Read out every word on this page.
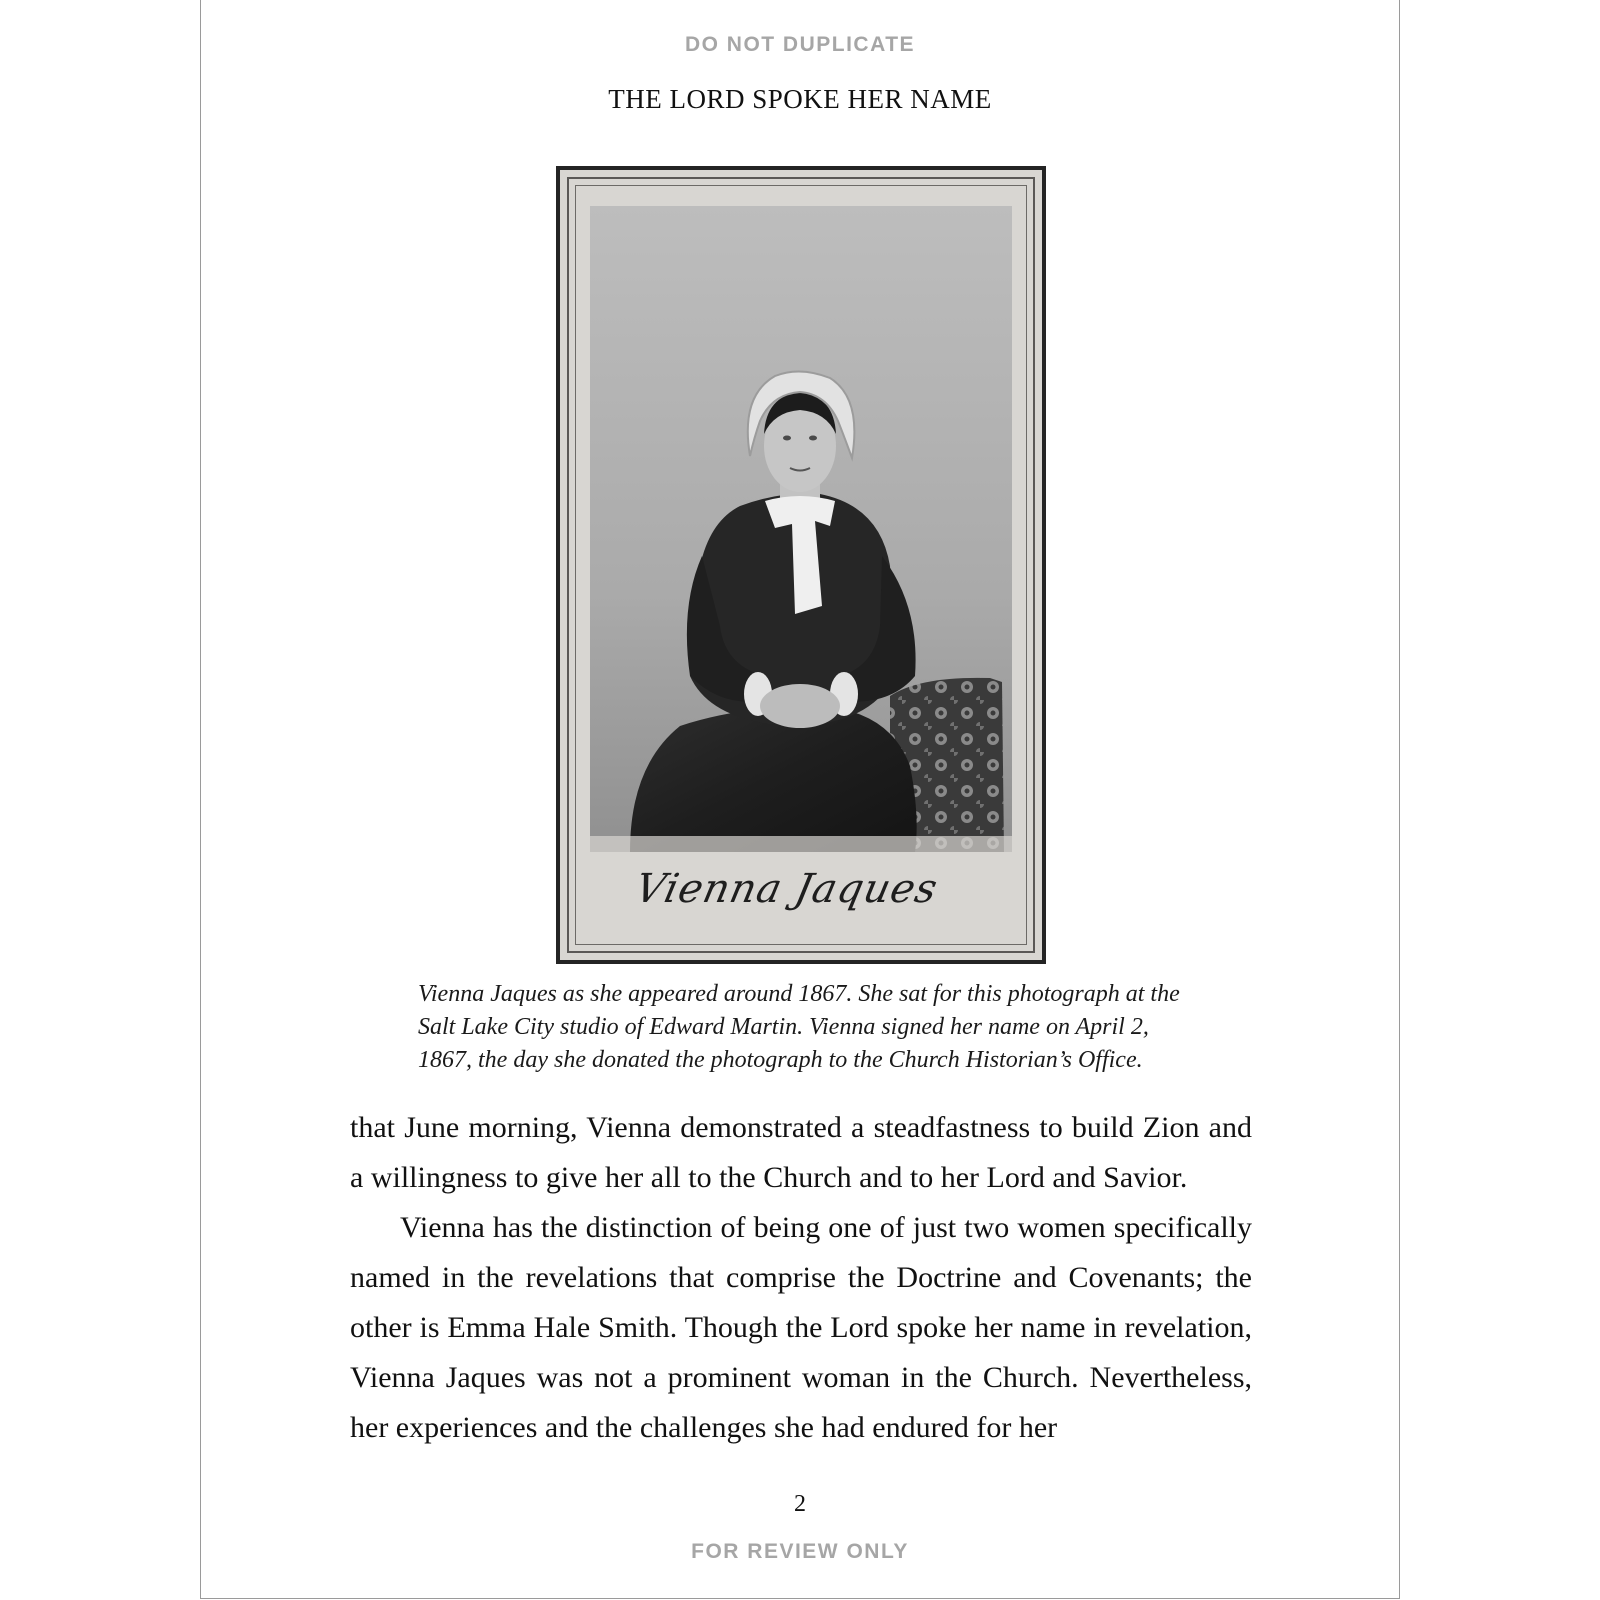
DO NOT DUPLICATE
THE LORD SPOKE HER NAME
Vienna Jaques

Vienna Jaques as she appeared around 1867. She sat for this photograph at the
Salt Lake City studio of Edward Martin. Vienna signed her name on April 2,
1867, the day she donated the photograph to the Church Historian’s Office.

that June morning, Vienna demonstrated a steadfastness to build Zion and a willingness to give her all to the Church and to her Lord and Savior.

Vienna has the distinction of being one of just two women specifically named in the revelations that comprise the Doctrine and Covenants; the other is Emma Hale Smith. Though the Lord spoke her name in revelation, Vienna Jaques was not a prominent woman in the Church. Nevertheless, her experiences and the challenges she had endured for her

2
FOR REVIEW ONLY
